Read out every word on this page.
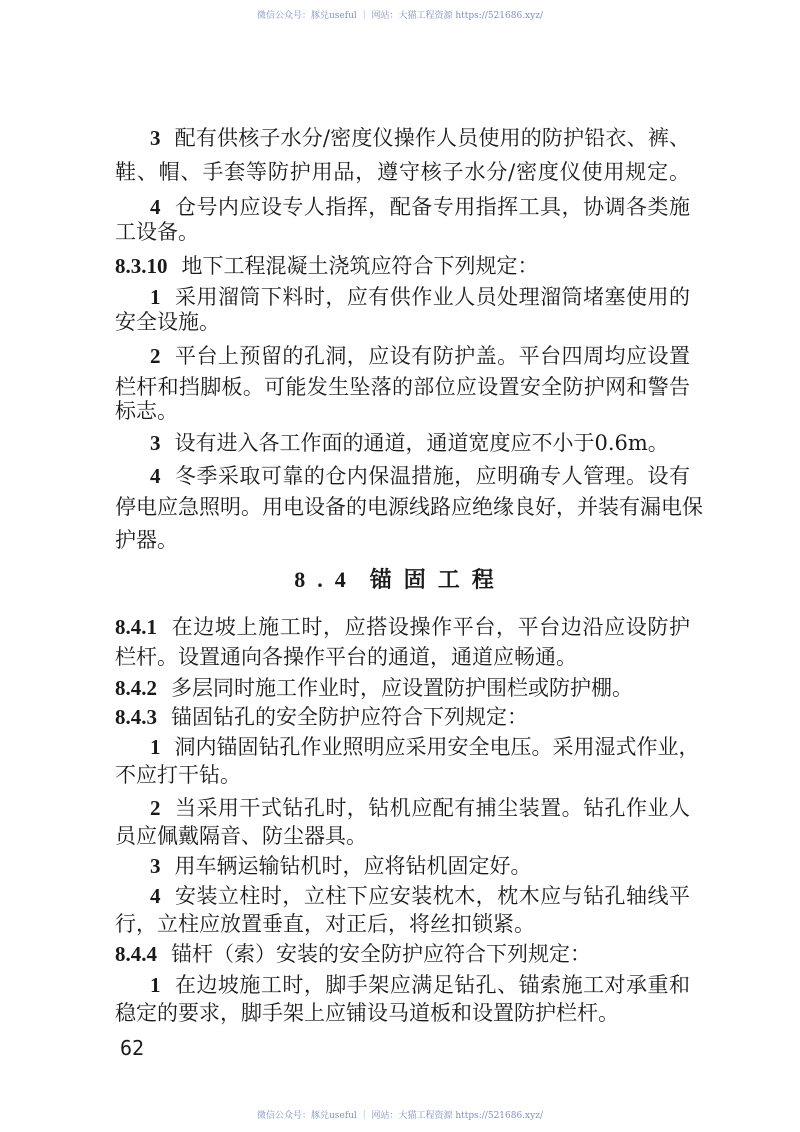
微信公众号：豚兑useful ｜ 网站：大猫工程资源 https://521686.xyz/
3 配有供核子水分/密度仪操作人员使用的防护铅衣、裤、
鞋、帽、手套等防护用品，遵守核子水分/密度仪使用规定。
4 仓号内应设专人指挥，配备专用指挥工具，协调各类施
工设备。
8.3.10 地下工程混凝土浇筑应符合下列规定：
1 采用溜筒下料时，应有供作业人员处理溜筒堵塞使用的
安全设施。
2 平台上预留的孔洞，应设有防护盖。平台四周均应设置
栏杆和挡脚板。可能发生坠落的部位应设置安全防护网和警告
标志。
3 设有进入各工作面的通道，通道宽度应不小于0.6m。
4 冬季采取可靠的仓内保温措施，应明确专人管理。设有
停电应急照明。用电设备的电源线路应绝缘良好，并装有漏电保
护器。
8.4 锚固工程
8.4.1 在边坡上施工时，应搭设操作平台，平台边沿应设防护
栏杆。设置通向各操作平台的通道，通道应畅通。
8.4.2 多层同时施工作业时，应设置防护围栏或防护棚。
8.4.3 锚固钻孔的安全防护应符合下列规定：
1 洞内锚固钻孔作业照明应采用安全电压。采用湿式作业，
不应打干钻。
2 当采用干式钻孔时，钻机应配有捕尘装置。钻孔作业人
员应佩戴隔音、防尘器具。
3 用车辆运输钻机时，应将钻机固定好。
4 安装立柱时，立柱下应安装枕木，枕木应与钻孔轴线平
行，立柱应放置垂直，对正后，将丝扣锁紧。
8.4.4 锚杆（索）安装的安全防护应符合下列规定：
1 在边坡施工时，脚手架应满足钻孔、锚索施工对承重和
稳定的要求，脚手架上应铺设马道板和设置防护栏杆。
62
微信公众号：豚兑useful ｜ 网站：大猫工程资源 https://521686.xyz/
